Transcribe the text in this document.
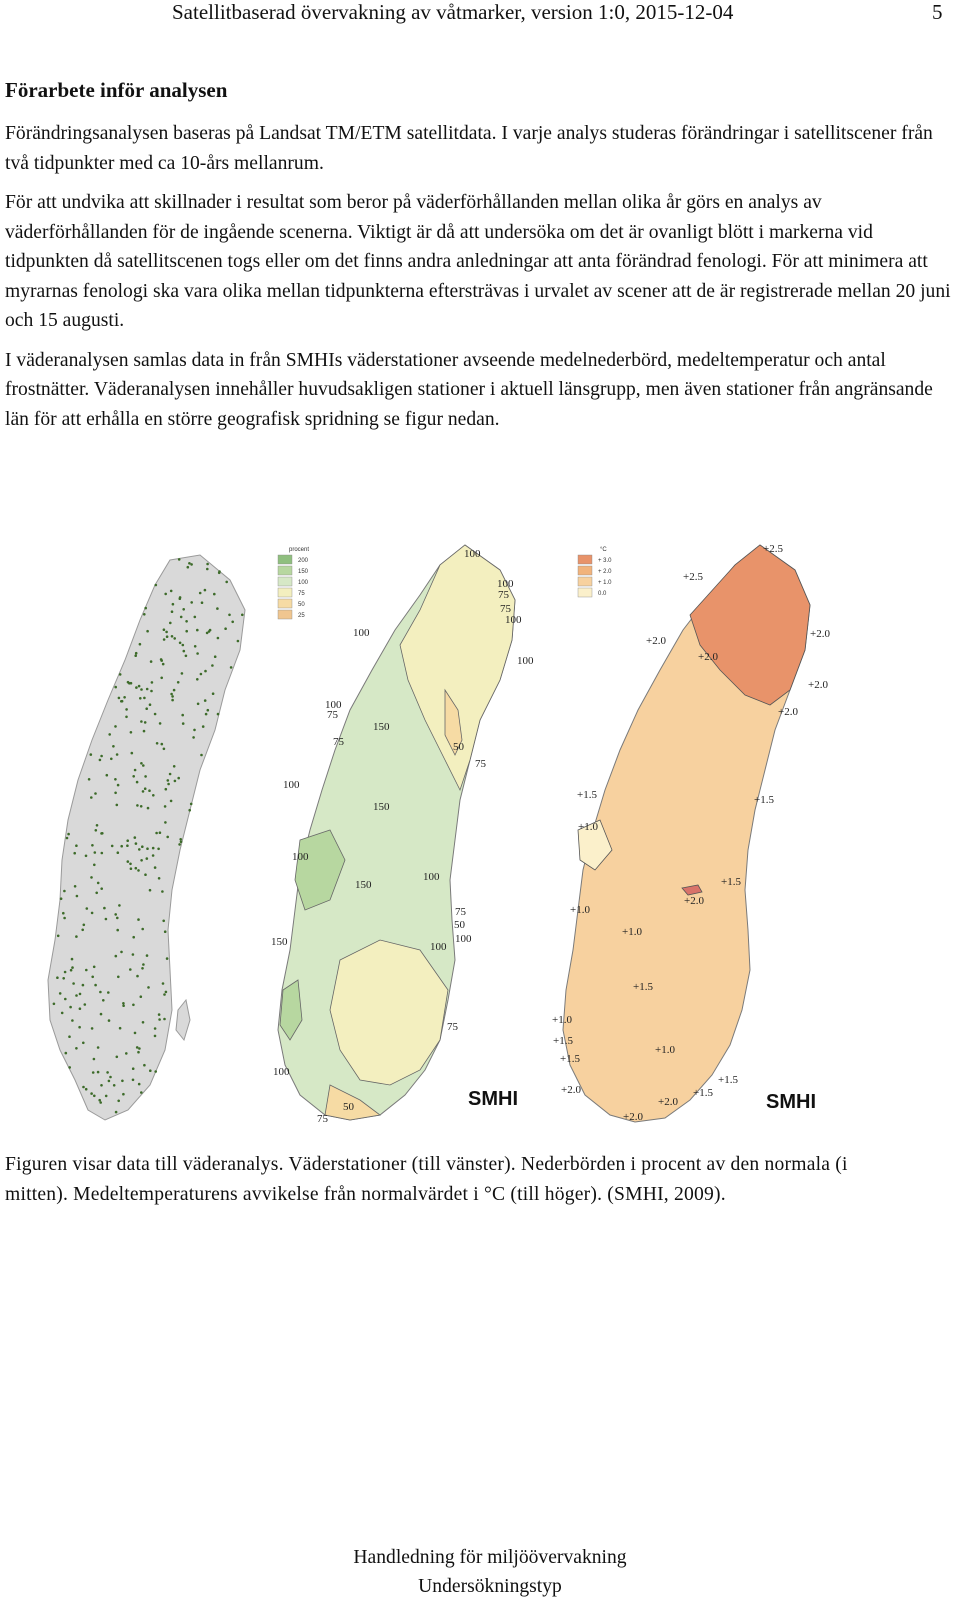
Satellitbaserad övervakning av våtmarker, version 1:0, 2015-12-04	5
Förarbete inför analysen

Förändringsanalysen baseras på Landsat TM/ETM satellitdata. I varje analys studeras förändringar i satellitscener från två tidpunkter med ca 10-års mellanrum.

För att undvika att skillnader i resultat som beror på väderförhållanden mellan olika år görs en analys av väderförhållanden för de ingående scenerna. Viktigt är då att undersöka om det är ovanligt blött i markerna vid tidpunkten då satellitscenen togs eller om det finns andra anledningar att anta förändrad fenologi. För att minimera att myrarnas fenologi ska vara olika mellan tidpunkterna eftersträvas i urvalet av scener att de är registrerade mellan 20 juni och 15 augusti.

I väderanalysen samlas data in från SMHIs väderstationer avseende medelnederbörd, medeltemperatur och antal frostnätter. Väderanalysen innehåller huvudsakligen stationer i aktuell länsgrupp, men även stationer från angränsande län för att erhålla en större geografisk spridning se figur nedan.

procent
200
150
100
75
50
25
100
100
75
75
100
100
100
100
75
150
75	50
75
100
150
100
150
100
75
50
150	100
100
75
100
75
50	SMHI
°C
+ 3.0
+ 2.0
+ 1.0
0.0
+2.5
+2.5
+2.0
+2.0
+2.0
+2.0
+2.0
+1.5
+1.0
+1.5
+1.5
+2.0
+1.0
+1.0
+1.5
+1.0
+1.5
+1.5
+1.0
+1.5
+2.0
+2.0
+1.5
+2.0
SMHI
Figuren visar data till väderanalys. Väderstationer (till vänster). Nederbörden i procent av den normala (i mitten). Medeltemperaturens avvikelse från normalvärdet i °C (till höger). (SMHI, 2009).
Handledning för miljöövervakning
Undersökningstyp
